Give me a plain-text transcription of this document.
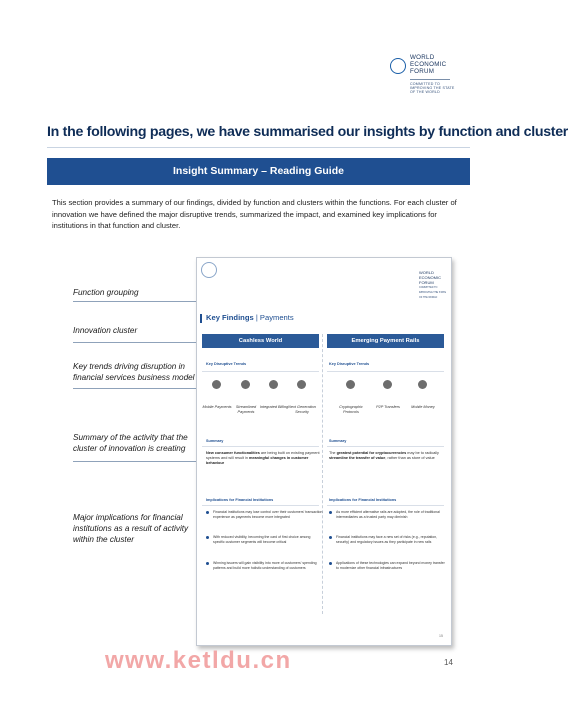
WORLD
ECONOMIC
FORUM
COMMITTED TO
IMPROVING THE STATE
OF THE WORLD
In the following pages, we have summarised our insights by function and cluster
Insight Summary – Reading Guide
This section provides a summary of our findings, divided by function and clusters within the functions. For each cluster of innovation we have defined the major disruptive trends, summarized the impact, and examined key implications for institutions in that function and cluster.
Function grouping
Innovation cluster
Key trends driving disruption in financial services business model
Summary of the activity that the cluster of innovation is creating
Major implications for financial institutions as a result of activity within the cluster
WORLD
ECONOMIC
FORUM
COMMITTED TO
IMPROVING THE STATE
OF THE WORLD
Key Findings | Payments
Cashless World
Key Disruptive Trends
Mobile Payments	Streamlined Payments
Integrated Billing Next Generation Security
Summary
New consumer functionalities are being built on existing payment systems and will result in meaningful changes in customer behaviour
Implications for Financial Institutions
Financial institutions may lose control over their customers' transaction experience as payments become more integrated
With reduced visibility, becoming the card of first choice among specific customer segments will become critical
Winning issuers will gain visibility into more of customers' spending patterns and build more holistic understanding of customers
Emerging Payment Rails
Key Disruptive Trends
Cryptographic Protocols
P2P Transfers	Mobile Money
Summary
The greatest potential for cryptocurrencies may be to radically streamline the transfer of value, rather than as store of value
Implications for Financial Institutions
As more efficient alternative rails are adopted, the role of traditional intermediaries as a trusted party may diminish
Financial institutions may face a new set of risks (e.g., reputation, security) and regulatory issues as they participate in new rails
Applications of these technologies can expand beyond money transfer to modernize other financial infrastructures
15
www.ketldu.cn	14
